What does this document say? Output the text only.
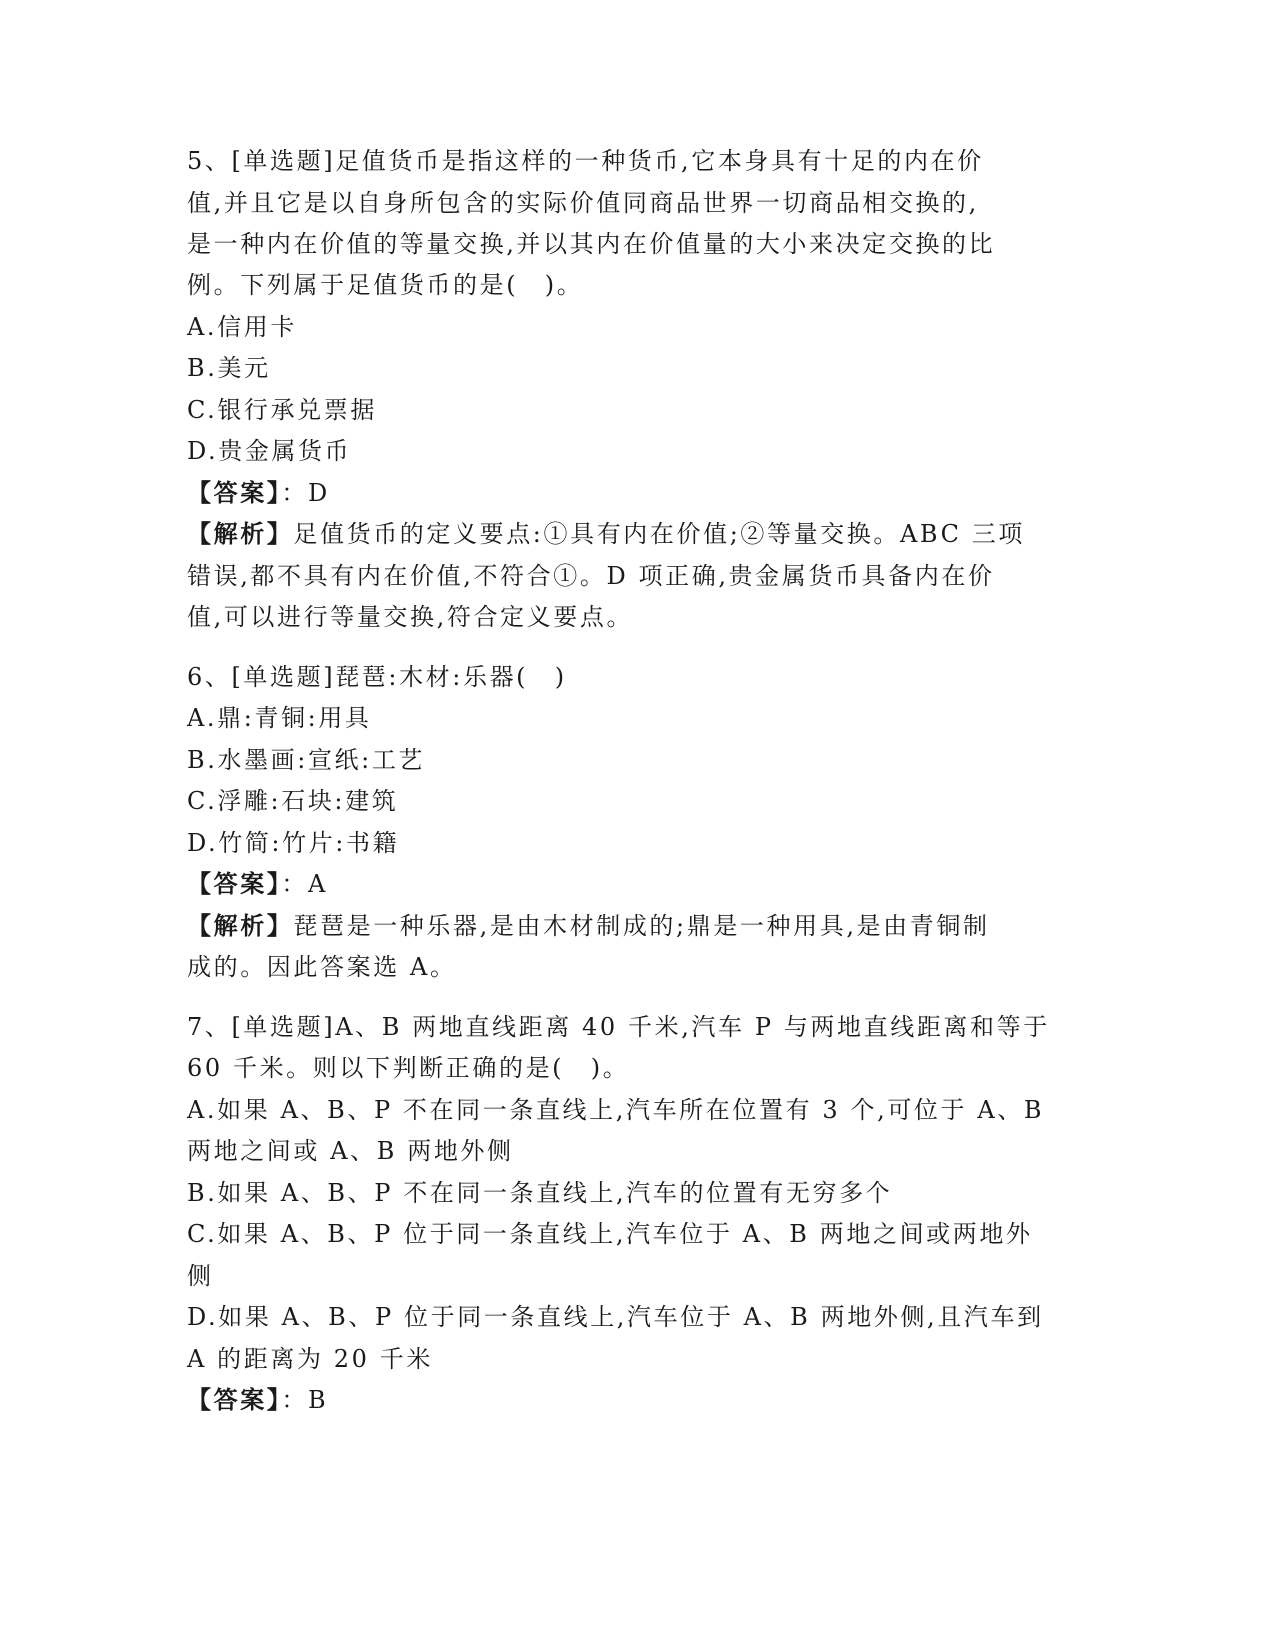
5、[单选题]足值货币是指这样的一种货币,它本身具有十足的内在价
值,并且它是以自身所包含的实际价值同商品世界一切商品相交换的,
是一种内在价值的等量交换,并以其内在价值量的大小来决定交换的比
例。下列属于足值货币的是(　)。
A.信用卡
B.美元
C.银行承兑票据
D.贵金属货币
【答案】：D
【解析】足值货币的定义要点:①具有内在价值;②等量交换。ABC 三项
错误,都不具有内在价值,不符合①。D 项正确,贵金属货币具备内在价
值,可以进行等量交换,符合定义要点。
6、[单选题]琵琶:木材:乐器(　)
A.鼎:青铜:用具
B.水墨画:宣纸:工艺
C.浮雕:石块:建筑
D.竹简:竹片:书籍
【答案】：A
【解析】琵琶是一种乐器,是由木材制成的;鼎是一种用具,是由青铜制
成的。因此答案选 A。
7、[单选题]A、B 两地直线距离 40 千米,汽车 P 与两地直线距离和等于
60 千米。则以下判断正确的是(　)。
A.如果 A、B、P 不在同一条直线上,汽车所在位置有 3 个,可位于 A、B
两地之间或 A、B 两地外侧
B.如果 A、B、P 不在同一条直线上,汽车的位置有无穷多个
C.如果 A、B、P 位于同一条直线上,汽车位于 A、B 两地之间或两地外
侧
D.如果 A、B、P 位于同一条直线上,汽车位于 A、B 两地外侧,且汽车到
A 的距离为 20 千米
【答案】：B
